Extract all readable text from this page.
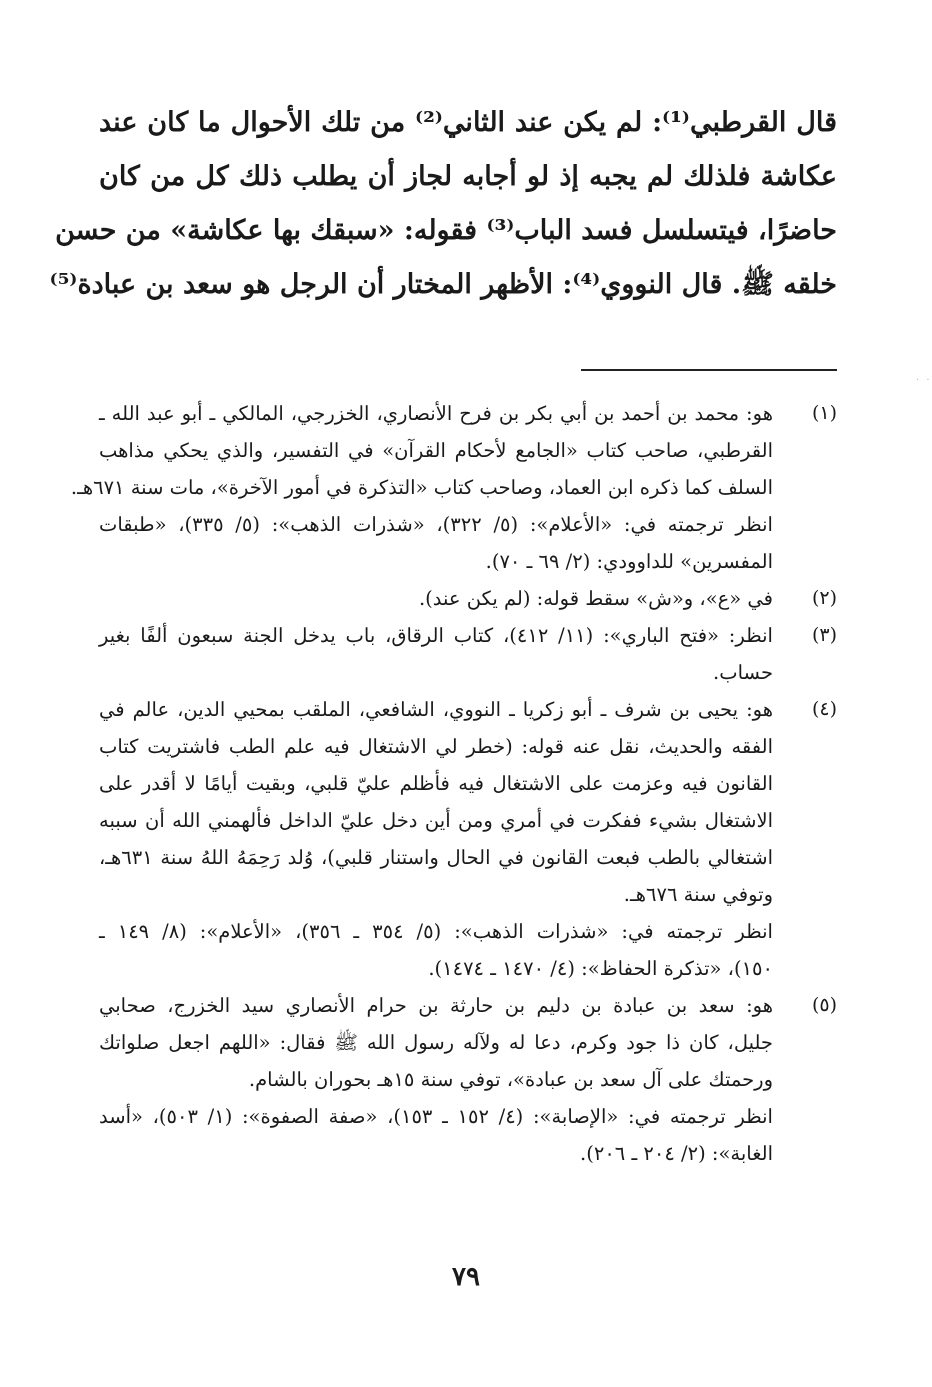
قال القرطبي⁽¹⁾: لم يكن عند الثاني⁽²⁾ من تلك الأحوال ما كان عند
عكاشة فلذلك لم يجبه إذ لو أجابه لجاز أن يطلب ذلك كل من كان
حاضرًا، فيتسلسل فسد الباب⁽³⁾ فقوله: «سبقك بها عكاشة» من حسن
خلقه ﷺ. قال النووي⁽⁴⁾: الأظهر المختار أن الرجل هو سعد بن عبادة⁽⁵⁾
· ·
(١)
هو: محمد بن أحمد بن أبي بكر بن فرح الأنصاري، الخزرجي، المالكي ـ أبو عبد الله ـ
القرطبي، صاحب كتاب «الجامع لأحكام القرآن» في التفسير، والذي يحكي مذاهب
السلف كما ذكره ابن العماد، وصاحب كتاب «التذكرة في أمور الآخرة»، مات سنة ٦٧١هـ.
انظر ترجمته في: «الأعلام»: (٥/ ٣٢٢)، «شذرات الذهب»: (٥/ ٣٣٥)، «طبقات
المفسرين» للداوودي: (٢/ ٦٩ ـ ٧٠).
(٢)
في «ع»، و«ش» سقط قوله: (لم يكن عند).
(٣)
انظر: «فتح الباري»: (١١/ ٤١٢)، كتاب الرقاق، باب يدخل الجنة سبعون ألفًا بغير
حساب.
(٤)
هو: يحيى بن شرف ـ أبو زكريا ـ النووي، الشافعي، الملقب بمحيي الدين، عالم في
الفقه والحديث، نقل عنه قوله: (خطر لي الاشتغال فيه علم الطب فاشتريت كتاب
القانون فيه وعزمت على الاشتغال فيه فأظلم عليّ قلبي، وبقيت أيامًا لا أقدر على
الاشتغال بشيء ففكرت في أمري ومن أين دخل عليّ الداخل فألهمني الله أن سببه
اشتغالي بالطب فبعت القانون في الحال واستنار قلبي)، وُلد رَحِمَهُ اللهُ سنة ٦٣١هـ،
وتوفي سنة ٦٧٦هـ.
انظر ترجمته في: «شذرات الذهب»: (٥/ ٣٥٤ ـ ٣٥٦)، «الأعلام»: (٨/ ١٤٩ ـ
١٥٠)، «تذكرة الحفاظ»: (٤/ ١٤٧٠ ـ ١٤٧٤).
(٥)
هو: سعد بن عبادة بن دليم بن حارثة بن حرام الأنصاري سيد الخزرج، صحابي
جليل، كان ذا جود وكرم، دعا له ولآله رسول الله ﷺ فقال: «اللهم اجعل صلواتك
ورحمتك على آل سعد بن عبادة»، توفي سنة ١٥هـ بحوران بالشام.
انظر ترجمته في: «الإصابة»: (٤/ ١٥٢ ـ ١٥٣)، «صفة الصفوة»: (١/ ٥٠٣)، «أسد
الغابة»: (٢/ ٢٠٤ ـ ٢٠٦).
٧٩
